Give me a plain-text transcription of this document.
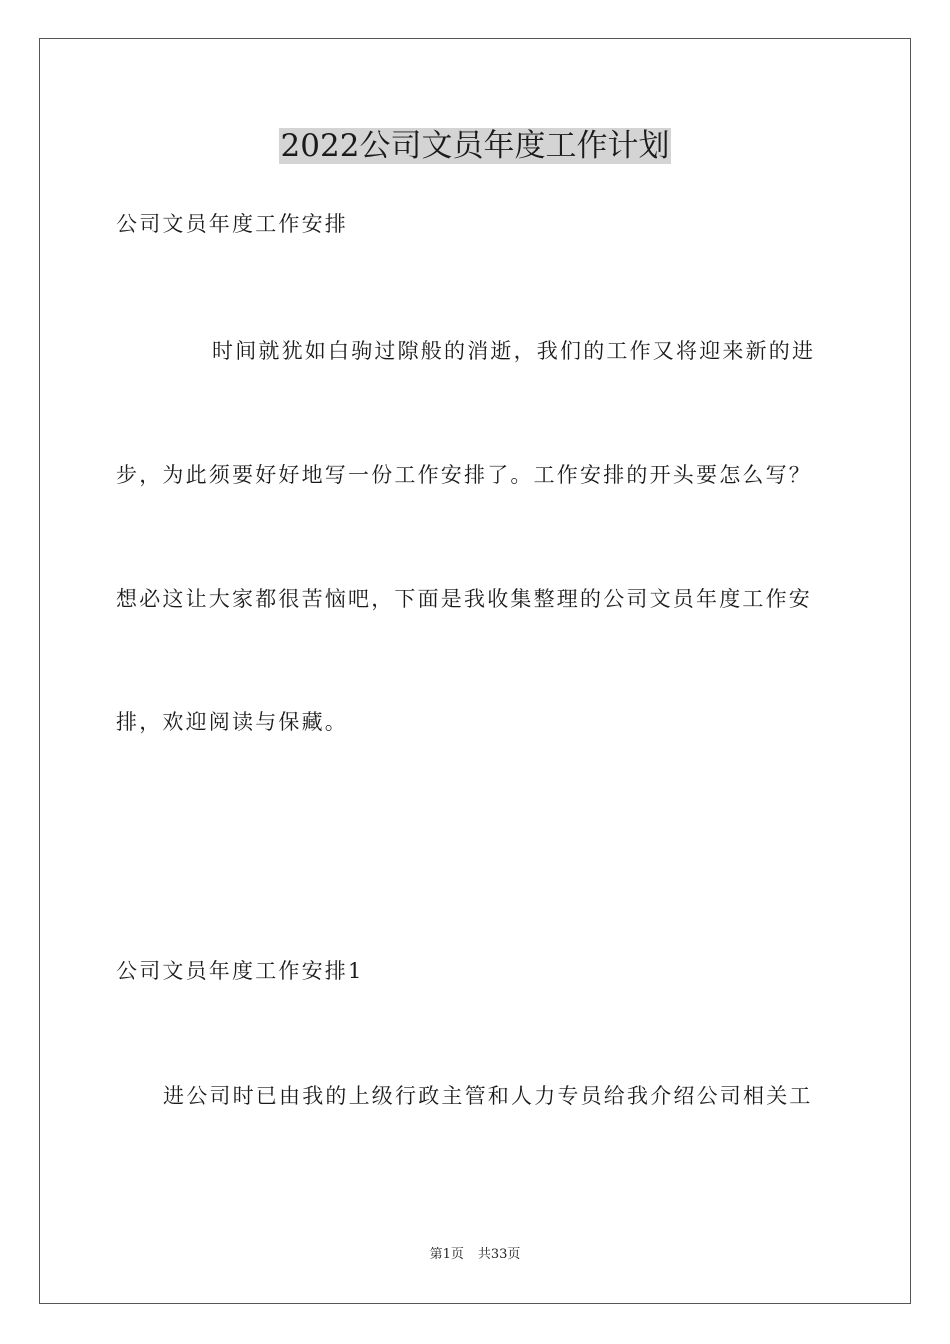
2022公司文员年度工作计划
公司文员年度工作安排
时间就犹如白驹过隙般的消逝，我们的工作又将迎来新的进
步，为此须要好好地写一份工作安排了。工作安排的开头要怎么写？
想必这让大家都很苦恼吧，下面是我收集整理的公司文员年度工作安
排，欢迎阅读与保藏。
公司文员年度工作安排1
进公司时已由我的上级行政主管和人力专员给我介绍公司相关工
第1页 共33页
